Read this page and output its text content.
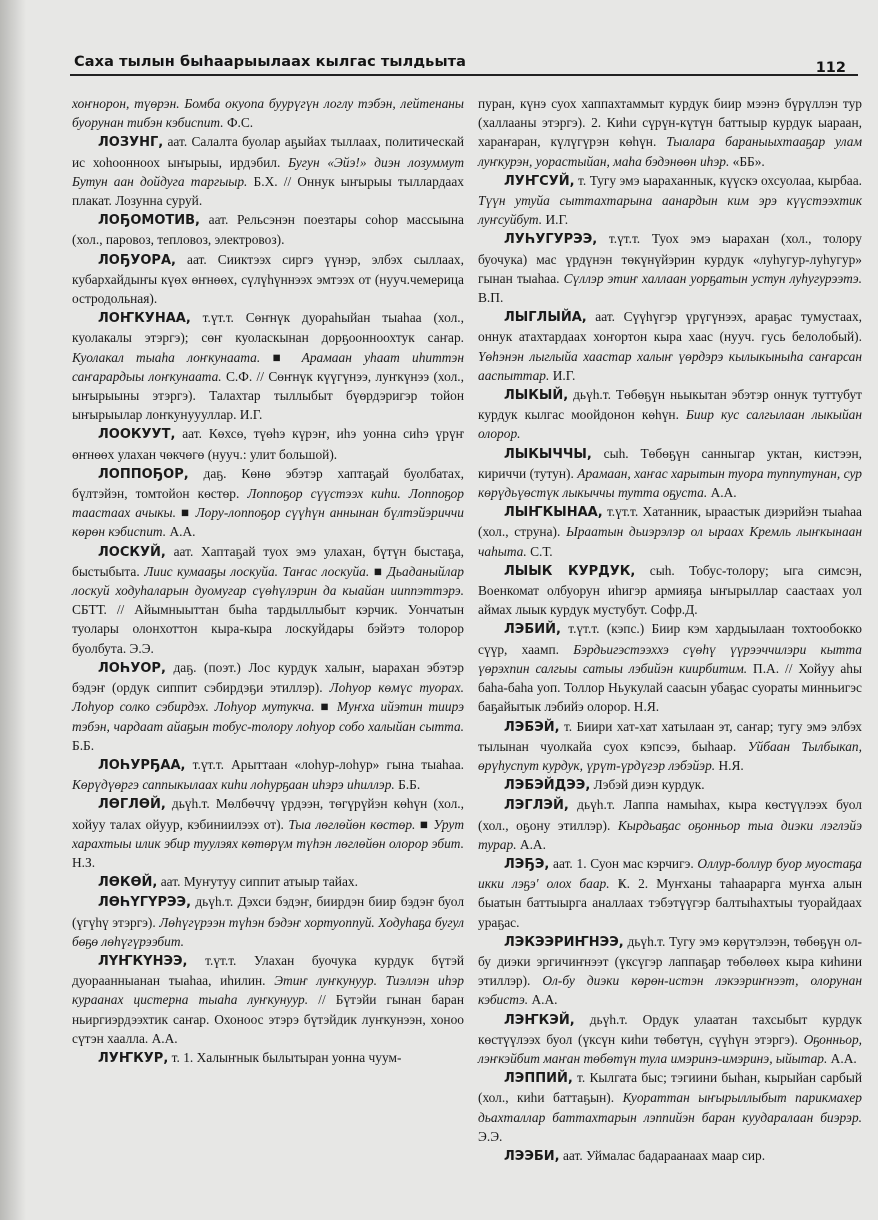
Саха тылын быһаарыылаах кылгас тылдьыта	112

хоҥнорон, түөрэн. Бомба окуопа буурүгүн логлу тэбэн, лейтенаны буорунан тибэн кэбиспит. Ф.С.

ЛОЗУНГ, аат. Салалта буолар аҕыйах тыллаах, политическай ис хоһоонноох ыҥырыы, ирдэбил. Бугун «Эйэ!» диэн лозуммут Бутун аан дойдуга таргыыр. Б.Х. // Оннук ыҥырыы тыллардаах плакат. Лозунна суруй.

ЛОҔОМОТИВ, аат. Рельсэнэн поезтары соһор массыына (хол., паровоз, тепловоз, электровоз).

ЛОҔУОРА, аат. Сииктээх сиргэ үүнэр, элбэх сыллаах, кубархайдыҥы күөх өҥнөөх, сүлүһүннээх эмтээх от (нууч.чемерица остродольная).

ЛОҤКУНАА, т.үт.т. Сөҥнүк дуораһыйан тыаһаа (хол., куолакалы этэргэ); сөҥ куоласкынан дорҕоонноохтук саҥар. Куолакал тыаһа лоҥкунаата. ■ Арамаан уһаат иһиттэн саҥарардыы лоҥкунаата. С.Ф. // Сөҥнүк күүгүнээ, луҥкүнээ (хол., ыҥырыыны этэргэ). Талахтар тыллыбыт бүөрдэригэр тойон ыҥырыылар лоҥкунуууллар. И.Г.

ЛООКУУТ, аат. Көхсө, түөһэ күрэҥ, иһэ уонна сиһэ үрүҥ өҥнөөх улахан чөкчөгө (нууч.: улит большой).

ЛОППОҔОР, даҕ. Көнө эбэтэр хаптаҕай буолбатах, бүлтэйэн, томтойон көстөр. Лоппоҕор сүүстээх киһи. Лоппоҕор таастаах ачыкы. ■ Лору-лоппоҕор сүүһүн аннынан бүлтэйэриччи көрөн кэбиспит. А.А.

ЛОСКУЙ, аат. Хаптаҕай туох эмэ улахан, бүтүн быстаҕа, быстыбыта. Лиис кумааҕы лоскуйа. Таҥас лоскуйа. ■ Дьаданыйлар лоскуй ходуһаларын дуомугар сүөһүлэрин да кыайан ииппэттэрэ. СБТТ. // Айымныыттан быһа тардыллыбыт кэрчик. Уончатын туолары олонхоттон кыра-кыра лоскуйдары бэйэтэ толорор буолбута. Э.Э.

ЛОҺУОР, даҕ. (поэт.) Лос курдук халыҥ, ыарахан эбэтэр бэдэҥ (ордук сиппит сэбирдэҕи этиллэр). Лоһуор көмүс туорах. Лоһуор солко сэбирдэх. Лоһуор мутукча. ■ Муҥха ийэтин тиирэ тэбэн, чардаат айаҕын тобус-толору лоһуор собо халыйан сытта. Б.Б.

ЛОҺУРҔАА, т.үт.т. Арыттаан «лоһур-лоһур» гына тыаһаа. Көрүдүөргэ саппыкылаах киһи лоһурҕаан иһэрэ иһиллэр. Б.Б.

ЛӨГЛӨЙ, дьүһ.т. Мөлбөччү үрдээн, төгүрүйэн көһүн (хол., хойуу талах ойуур, кэбиниилээх от). Тыа лөглөйөн көстөр. ■ Урут харахтыы илик эбир туулэях көтөрүм түһэн лөглөйөн олорор эбит. Н.З.

ЛӨКӨЙ, аат. Муҥутуу сиппит атыыр тайах.

ЛӨҺҮГҮРЭЭ, дьүһ.т. Дэхси бэдэҥ, биирдэн биир бэдэҥ буол (үгүһү этэргэ). Лөһүгүрээн түһэн бэдэҥ хортуоппуй. Ходуһаҕа бугул бөҕө лөһүгүрээбит.

ЛҮҤКҮНЭЭ, т.үт.т. Улахан буочука курдук бүтэй дуораанныанан тыаһаа, иһилин. Этиҥ луҥкунуур. Тиэллэн иһэр кураанах цистерна тыаһа луҥкунуур. // Бүтэйи гынан баран ньиргиэрдээхтик саҥар. Охоноос этэрэ бүтэйдик луҥкунээн, хоноо сүтэн хаалла. А.А.

ЛУҤКУР, т. 1. Халыҥнык былытыран уонна чуум-

пуран, күнэ суох хаппахтаммыт курдук биир мээнэ бүрүллэн тур (халлааны этэргэ). 2. Киһи сүрүн-күтүн баттыыр курдук ыараан, хараҥаран, күлүгүрэн көһүн. Тыалара бараныыхтааҕар улам луҥкурэн, уорастыйан, маһа бэдэнөөн иһэр. «ББ».

ЛУҤСУЙ, т. Тугу эмэ ыараханнык, күүскэ охсуолаа, кырбаа. Түүн утуйа сыттахтарына аанардын ким эрэ күүстээхтик луҥсуйбут. И.Г.

ЛУҺУГУРЭЭ, т.үт.т. Туох эмэ ыарахан (хол., толору буочука) мас үрдүнэн төкүнүйэрин курдук «луһугур-луһугур» гынан тыаһаа. Сүллэр этиҥ халлаан уорҕатын устун луһугурээтэ. В.П.

ЛЫГЛЫЙА, аат. Сүүһүгэр үрүгүнээх, араҕас тумустаах, оннук атахтардаах хоҥортон кыра хаас (нууч. гусь белолобый). Үөһэнэн лыглыйа хаастар халыҥ үөрдэрэ кылыкыныһа саҥарсан ааспыттар. И.Г.

ЛЫКЫЙ, дьүһ.т. Төбөҕүн ньыкытан эбэтэр оннук туттубут курдук кылгас моойдонон көһүн. Биир кус салгылаан лыкыйан олорор.

ЛЫКЫЧЧЫ, сыһ. Төбөҕүн санныгар уктан, кистээн, кириччи (тутун). Арамаан, хаҥас харытын туора туппутунан, сур көрүдьүөстүк лыкыччы тутта оҕуста. А.А.

ЛЫҤКЫНАА, т.үт.т. Хатанник, ыраастык диэрийэн тыаһаа (хол., струна). Ыраатын дьиэрэлэр ол ыраах Кремль лыҥкынаан чаһыта. С.Т.

ЛЫЫК КУРДУК, сыһ. Тобус-толору; ыга симсэн, Военкомат олбуорун иһигэр армияҕа ыҥырыллар саастаах уол аймах лыык курдук мустубут. Софр.Д.

ЛЭБИЙ, т.үт.т. (кэпс.) Биир кэм хардыылаан тохтообокко сүүр, хаамп. Бэрдьигэстээххэ сүөһү үүрээччилэри кытта үөрэхпин салгыы сатыы лэбийэн киирбитим. П.А. // Хойуу аһы баһа-баһа уоп. Толлор Ньукулай саасын убаҕас суораты минньигэс баҕайытык лэбийэ олорор. Н.Я.

ЛЭБЭЙ, т. Биири хат-хат хатылаан эт, саҥар; тугу эмэ элбэх тылынан чуолкайа суох кэпсээ, быһаар. Уйбаан Тылбыкап, өрүһуспут курдук, үрүт-үрдүгэр лэбэйэр. Н.Я.

ЛЭБЭЙДЭЭ, Лэбэй диэн курдук.

ЛЭГЛЭЙ, дьүһ.т. Лаппа намыһах, кыра көстүүлээх буол (хол., оҕону этиллэр). Кырдьаҕас оҕонньор тыа диэки лэглэйэ турар. А.А.

ЛЭҔЭ, аат. 1. Суон мас кэрчигэ. Оллур-боллур буор муостаҕа икки лэҕэ' олох баар. Ҝ. 2. Муҥханы таһаарарга муҥха алын быатын баттыырга аналлаах тэбэтүүгэр балтыһахтыы туорайдаах ураҕас.

ЛЭКЭЭРИҤНЭЭ, дьүһ.т. Тугу эмэ көрүтэлээн, төбөҕүн ол-бу диэки эргичиҥнээт (үксүгэр лаппаҕар төбөлөөх кыра киһини этиллэр). Ол-бу диэки көрөн-истэн лэкээриҥнээт, олорунан кэбистэ. А.А.

ЛЭҤКЭЙ, дьүһ.т. Ордук улаатан тахсыбыт курдук көстүүлээх буол (үксүн киһи төбөтүн, сүүһүн этэргэ). Оҕонньор, лэҥкэйбит маҥан төбөтүн тула имэринэ-имэринэ, ыйытар. А.А.

ЛЭППИЙ, т. Кылгата быс; тэгиини быһан, кырыйан сарбый (хол., киһи баттаҕын). Куораттан ыҥырыллыбыт парикмахер дьахталлар баттахтарын лэппийэн баран куударалаан биэрэр. Э.Э.

ЛЭЭБИ, аат. Уймалас бадараанаах маар сир.
